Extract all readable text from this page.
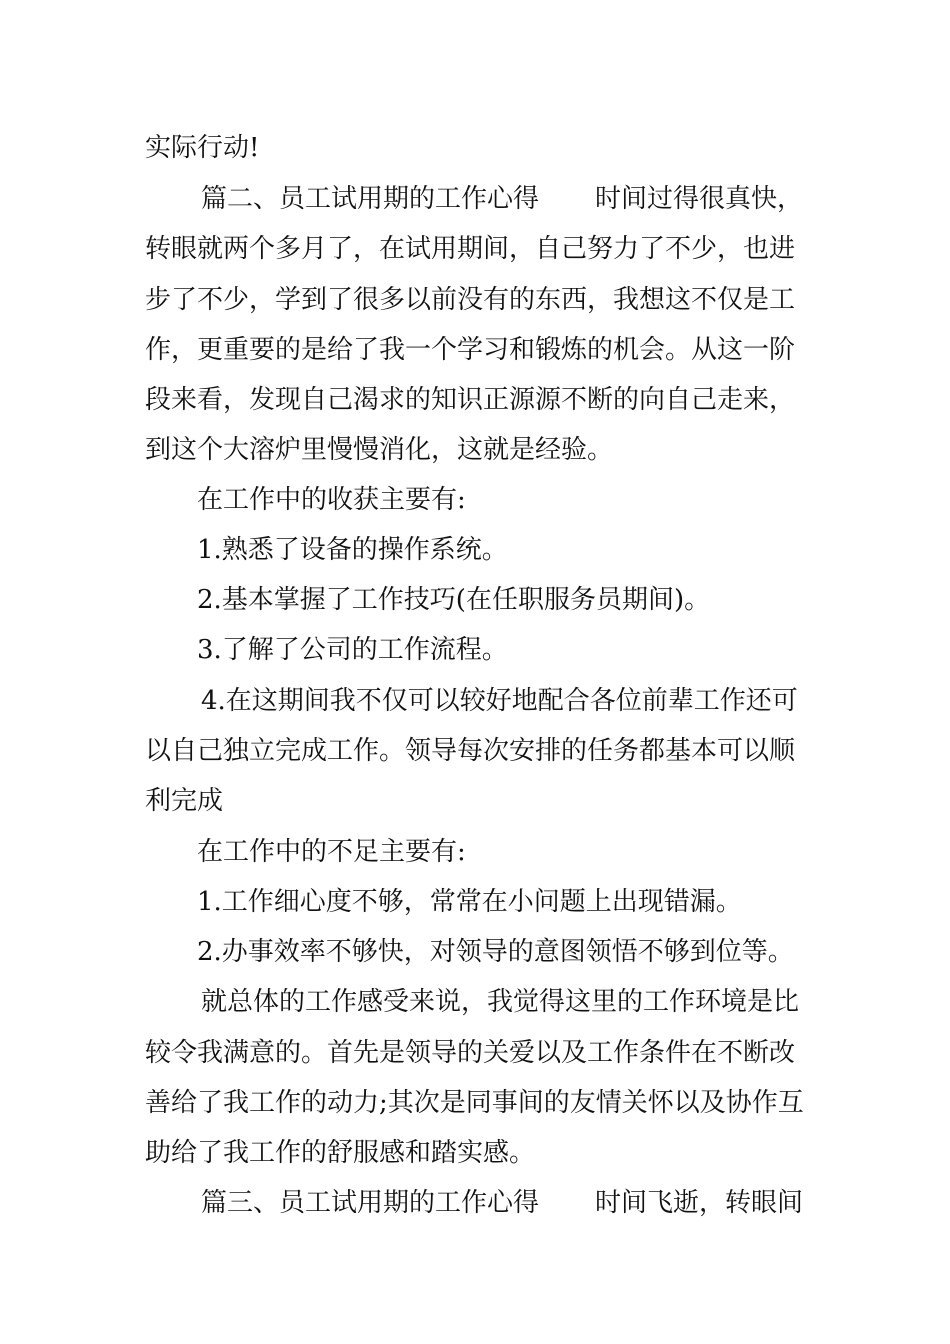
实际行动!
篇二、员工试用期的工作心得 时间过得很真快，
转眼就两个多月了，在试用期间，自己努力了不少，也进
步了不少，学到了很多以前没有的东西，我想这不仅是工
作，更重要的是给了我一个学习和锻炼的机会。从这一阶
段来看，发现自己渴求的知识正源源不断的向自己走来，
到这个大溶炉里慢慢消化，这就是经验。
在工作中的收获主要有:
1.熟悉了设备的操作系统。
2.基本掌握了工作技巧(在任职服务员期间)。
3.了解了公司的工作流程。
4.在这期间我不仅可以较好地配合各位前辈工作还可
以自己独立完成工作。领导每次安排的任务都基本可以顺
利完成
在工作中的不足主要有:
1.工作细心度不够，常常在小问题上出现错漏。
2.办事效率不够快，对领导的意图领悟不够到位等。
就总体的工作感受来说，我觉得这里的工作环境是比
较令我满意的。首先是领导的关爱以及工作条件在不断改
善给了我工作的动力;其次是同事间的友情关怀以及协作互
助给了我工作的舒服感和踏实感。
篇三、员工试用期的工作心得 时间飞逝，转眼间
